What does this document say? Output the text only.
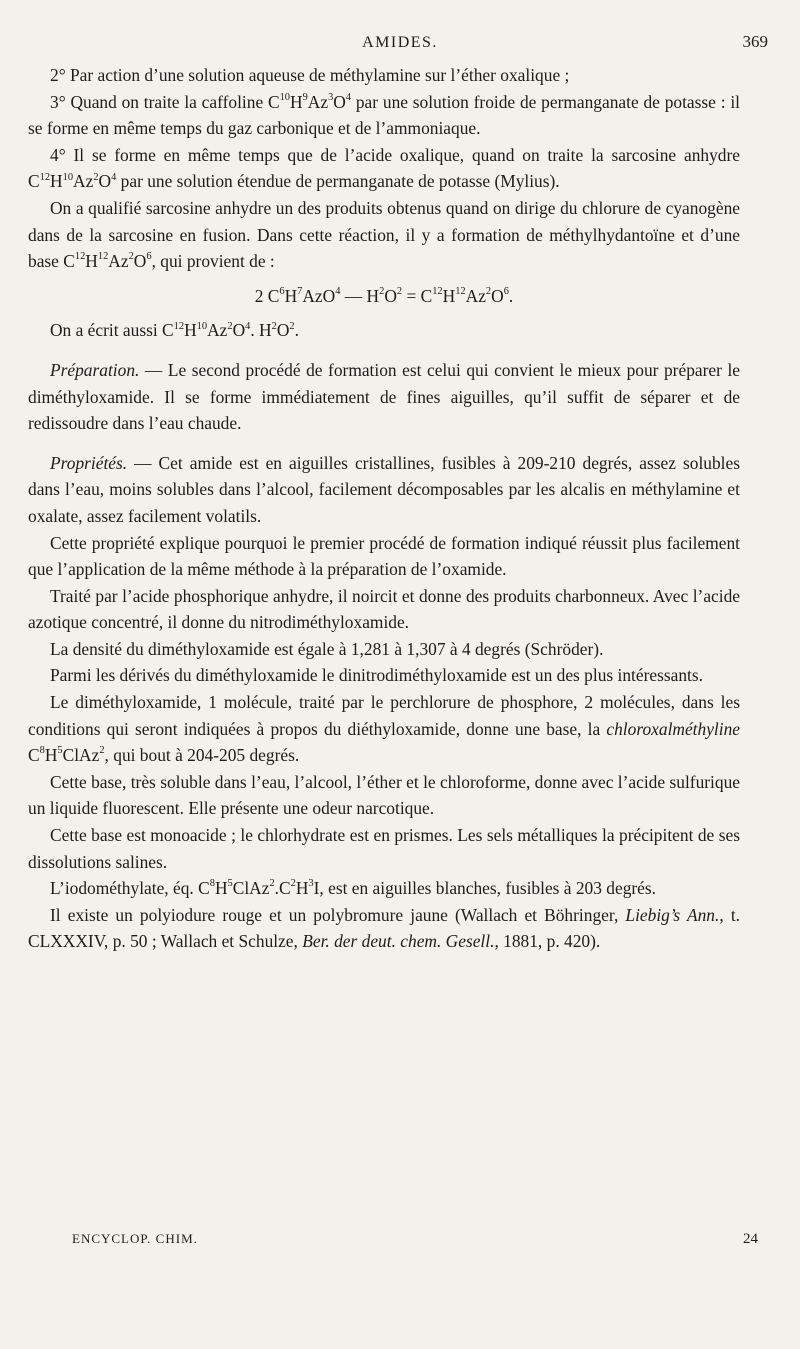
AMIDES.	369

2° Par action d’une solution aqueuse de méthylamine sur l’éther oxalique ;

3° Quand on traite la caffoline $C^{10}H^9Az^3O^4$ par une solution froide de permanganate de potasse : il se forme en même temps du gaz carbonique et de l’ammoniaque.

4° Il se forme en même temps que de l’acide oxalique, quand on traite la sarcosine anhydre $C^{12}H^{10}Az^2O^4$ par une solution étendue de permanganate de potasse (Mylius).

On a qualifié sarcosine anhydre un des produits obtenus quand on dirige du chlorure de cyanogène dans de la sarcosine en fusion. Dans cette réaction, il y a formation de méthylhydantoïne et d’une base $C^{12}H^{12}Az^2O^6$, qui provient de :

2 $C^6H^7AzO^4$ — $H^2O^2 = C^{12}H^{12}Az^2O^6$.

On a écrit aussi $C^{12}H^{10}Az^2O^4$. $H^2O^2$.

Préparation. — Le second procédé de formation est celui qui convient le mieux pour préparer le diméthyloxamide. Il se forme immédiatement de fines aiguilles, qu’il suffit de séparer et de redissoudre dans l’eau chaude.

Propriétés. — Cet amide est en aiguilles cristallines, fusibles à 209-210 degrés, assez solubles dans l’eau, moins solubles dans l’alcool, facilement décomposables par les alcalis en méthylamine et oxalate, assez facilement volatils.

Cette propriété explique pourquoi le premier procédé de formation indiqué réussit plus facilement que l’application de la même méthode à la préparation de l’oxamide.

Traité par l’acide phosphorique anhydre, il noircit et donne des produits charbonneux. Avec l’acide azotique concentré, il donne du nitrodiméthyloxamide.

La densité du diméthyloxamide est égale à 1,281 à 1,307 à 4 degrés (Schröder).

Parmi les dérivés du diméthyloxamide le dinitrodiméthyloxamide est un des plus intéressants.

Le diméthyloxamide, 1 molécule, traité par le perchlorure de phosphore, 2 molécules, dans les conditions qui seront indiquées à propos du diéthyloxamide, donne une base, la chloroxalméthyline $C^8H^5ClAz^2$, qui bout à 204-205 degrés.

Cette base, très soluble dans l’eau, l’alcool, l’éther et le chloroforme, donne avec l’acide sulfurique un liquide fluorescent. Elle présente une odeur narcotique.

Cette base est monoacide ; le chlorhydrate est en prismes. Les sels métalliques la précipitent de ses dissolutions salines.

L’iodométhylate, éq. $C^8H^5ClAz^2.C^2H^3I$, est en aiguilles blanches, fusibles à 203 degrés.

Il existe un polyiodure rouge et un polybromure jaune (Wallach et Böhringer, Liebig’s Ann., t. CLXXXIV, p. 50 ; Wallach et Schulze, Ber. der deut. chem. Gesell., 1881, p. 420).

ENCYCLOP. CHIM.	24
